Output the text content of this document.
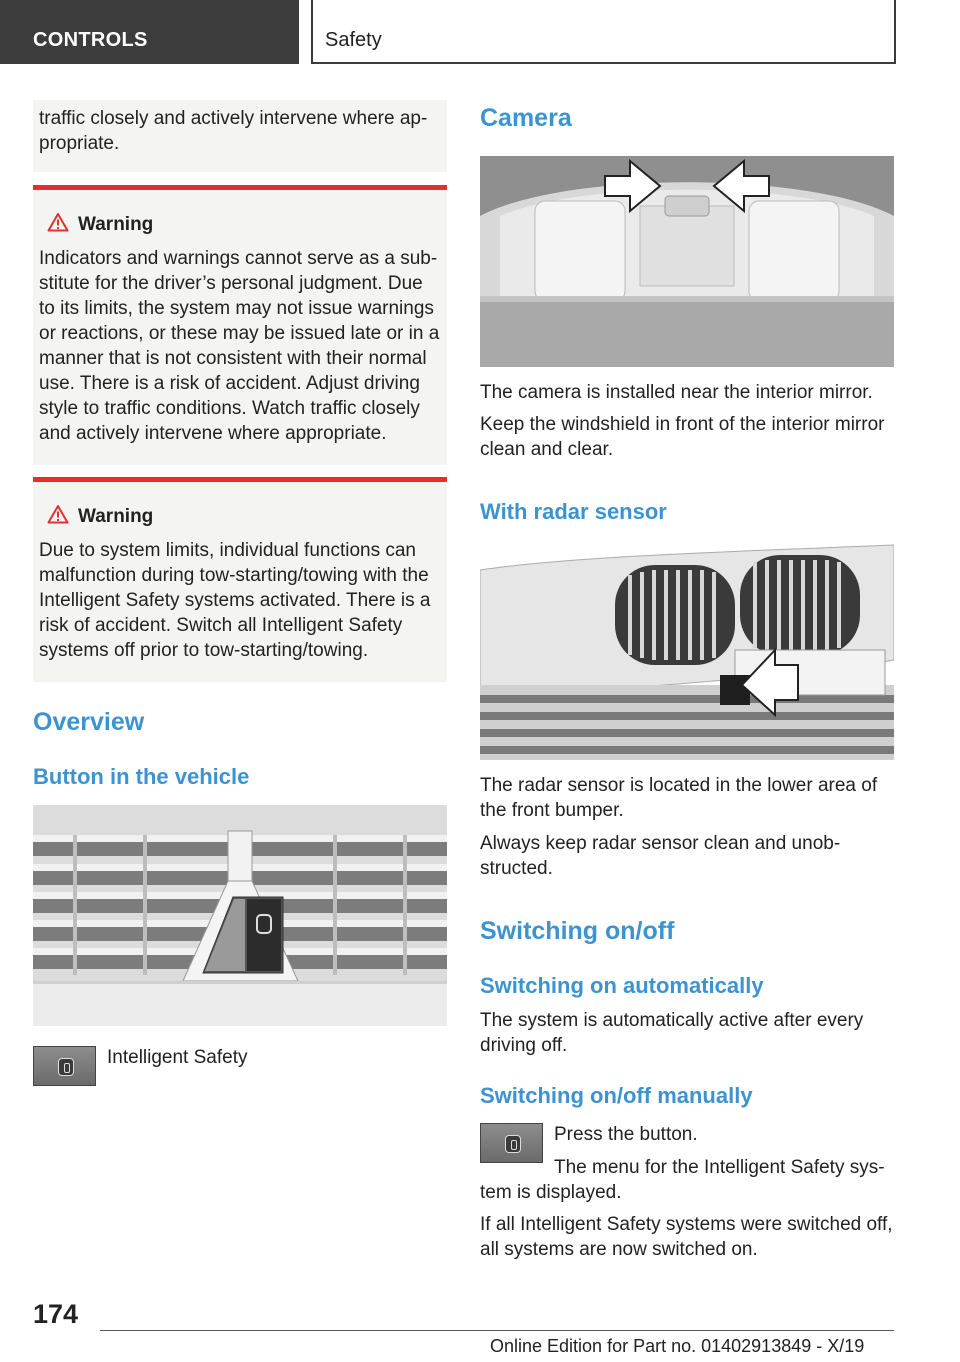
CONTROLS	Safety
traffic closely and actively intervene where ap-propriate.
Warning
Indicators and warnings cannot serve as a sub-
stitute for the driver’s personal judgment. Due
to its limits, the system may not issue warnings
or reactions, or these may be issued late or in a
manner that is not consistent with their normal
use. There is a risk of accident. Adjust driving
style to traffic conditions. Watch traffic closely
and actively intervene where appropriate.
Warning
Due to system limits, individual functions can
malfunction during tow-starting/towing with the
Intelligent Safety systems activated. There is a
risk of accident. Switch all Intelligent Safety
systems off prior to tow-starting/towing.
Overview
Button in the vehicle
Intelligent Safety
Camera
The camera is installed near the interior mirror.
Keep the windshield in front of the interior mirror
clean and clear.
With radar sensor
The radar sensor is located in the lower area of
the front bumper.
Always keep radar sensor clean and unob-
structed.
Switching on/off
Switching on automatically
The system is automatically active after every
driving off.
Switching on/off manually
Press the button.
The menu for the Intelligent Safety sys-
tem is displayed.
If all Intelligent Safety systems were switched off,
all systems are now switched on.
174
Online Edition for Part no. 01402913849 - X/19
